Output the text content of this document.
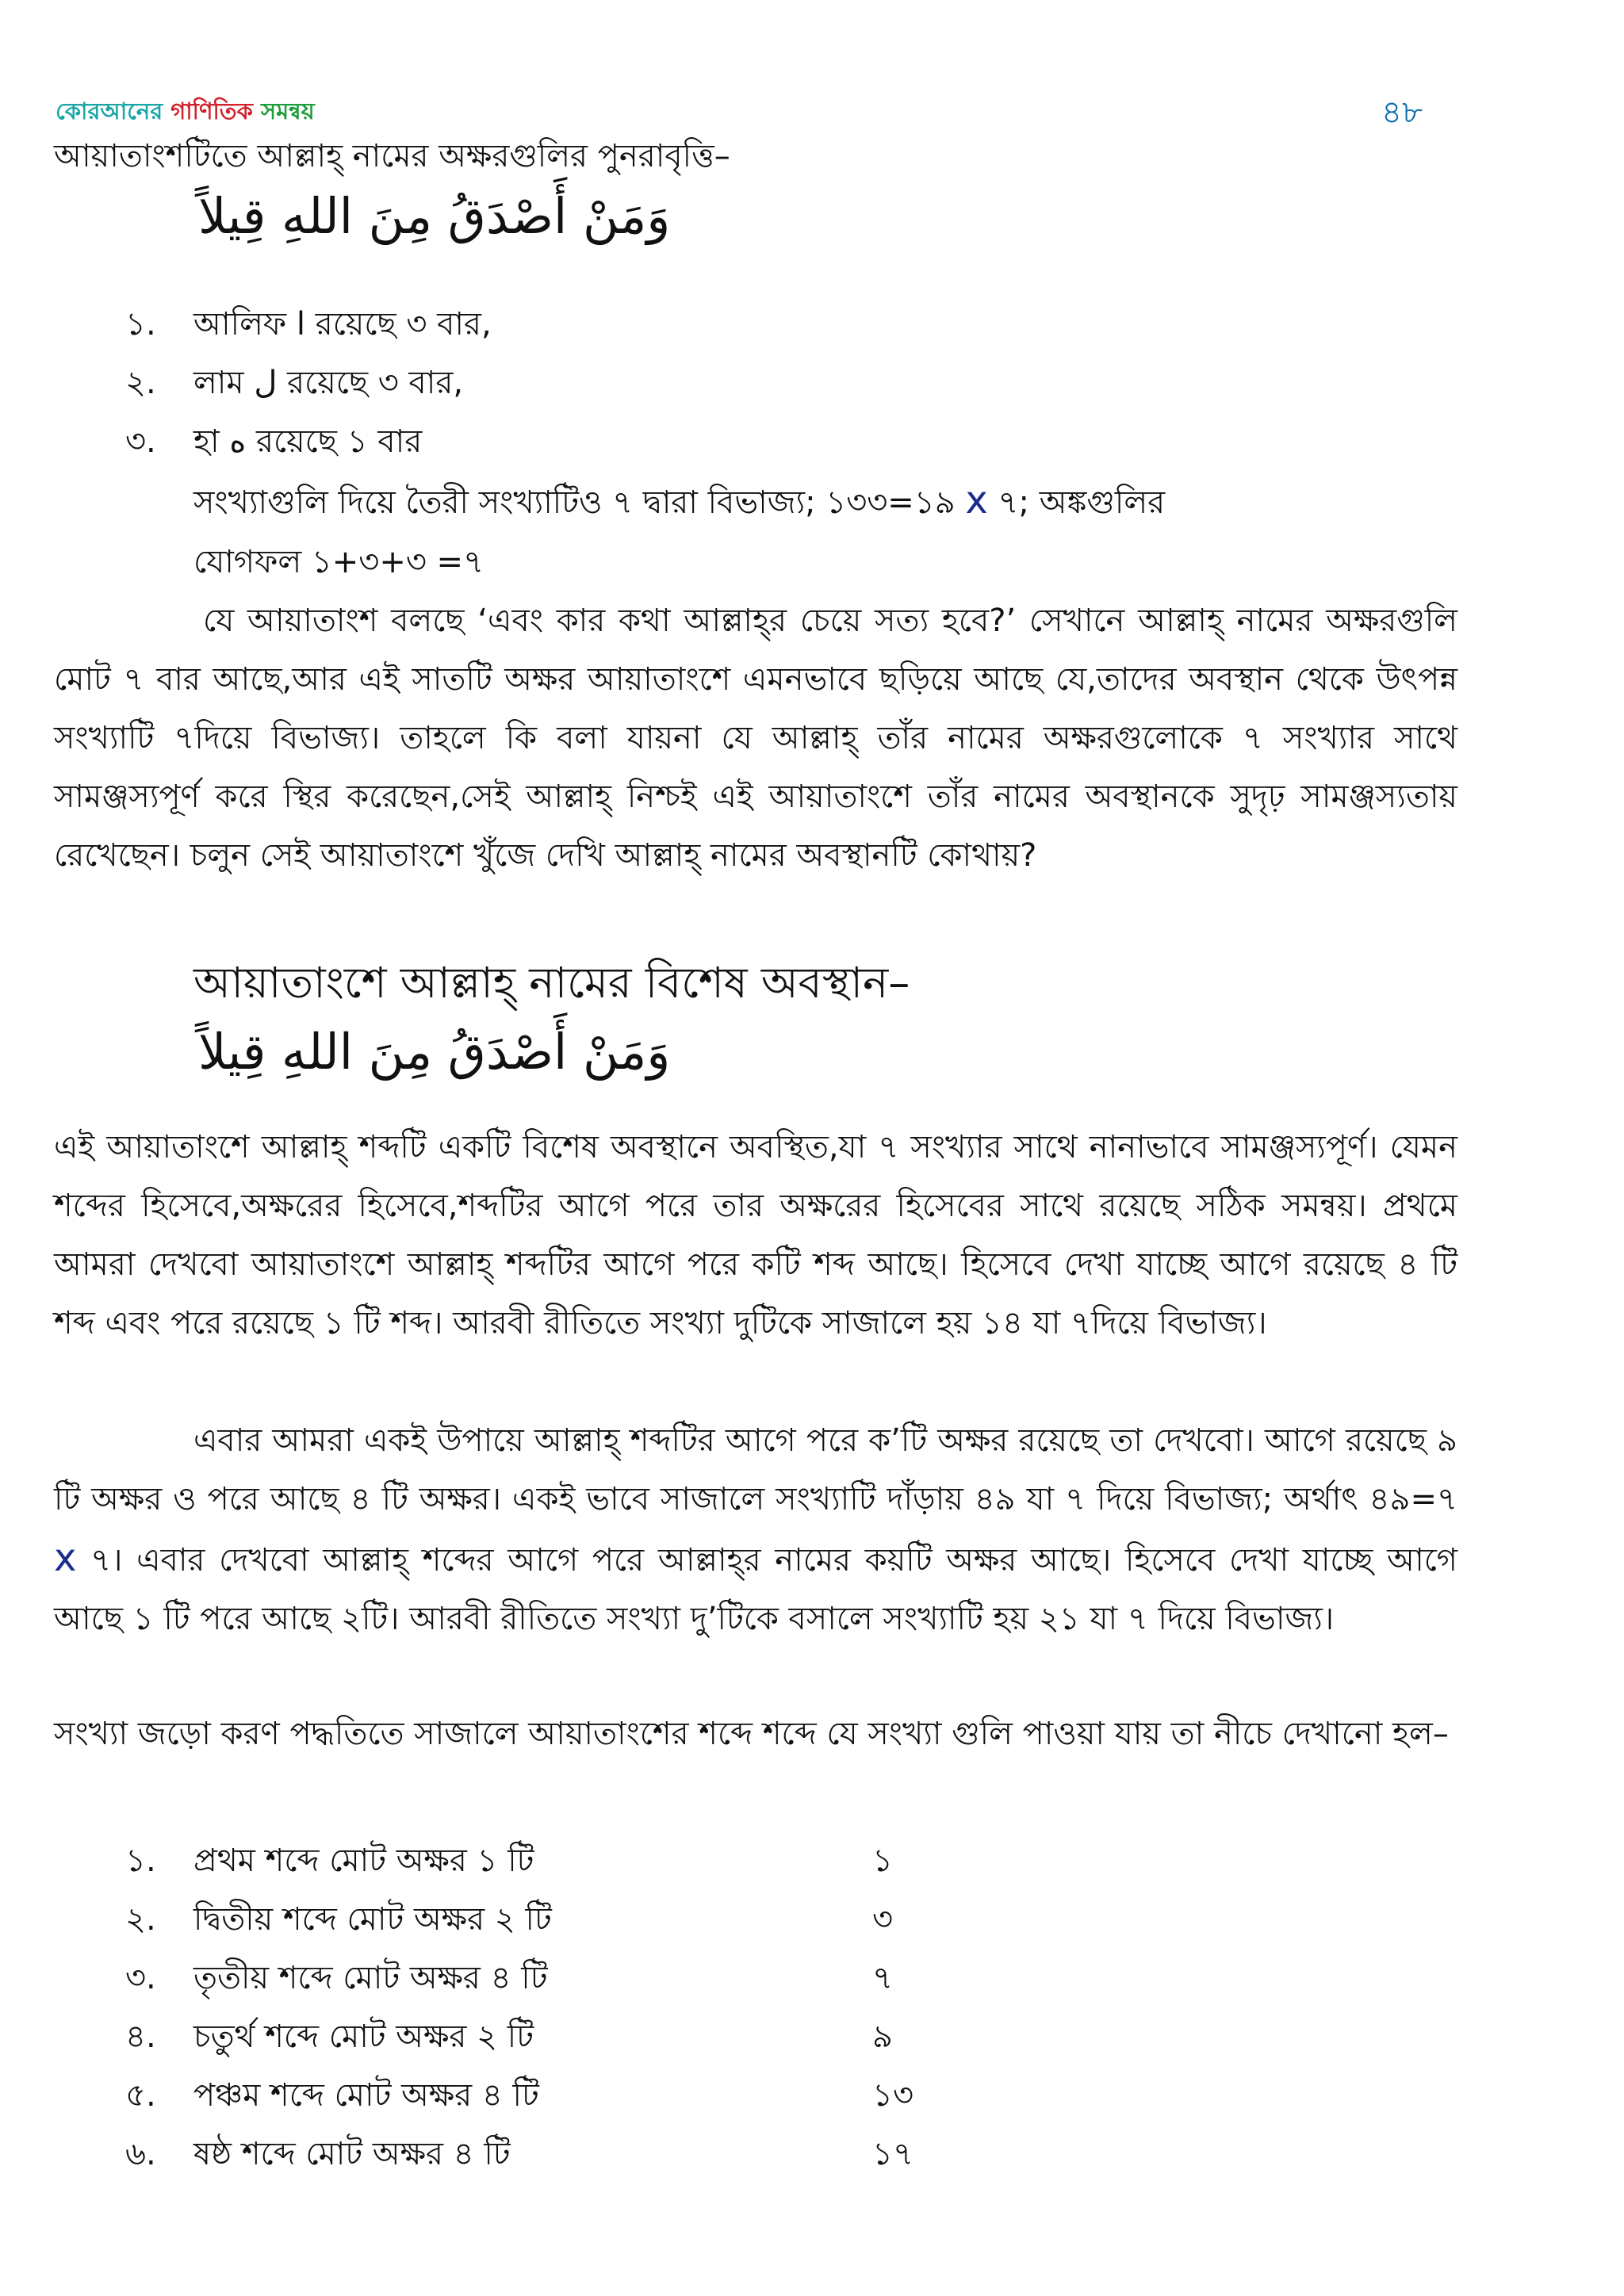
কোরআনের গাণিতিক সমন্বয়	৪৮
আয়াতাংশটিতে আল্লাহ্ নামের অক্ষরগুলির পুনরাবৃত্তি–
وَمَنْ أَصْدَقُ مِنَ اللهِ قِيلاً
১. আলিফ ا রয়েছে ৩ বার,
২. লাম ل রয়েছে ৩ বার,
৩. হা ه রয়েছে ১ বার
সংখ্যাগুলি দিয়ে তৈরী সংখ্যাটিও ৭ দ্বারা বিভাজ্য; ১৩৩=১৯ x ৭; অঙ্কগুলির
যোগফল ১+৩+৩ =৭
যে আয়াতাংশ বলছে ‘এবং কার কথা আল্লাহ্‌র চেয়ে সত্য হবে?’ সেখানে আল্লাহ্ নামের অক্ষরগুলি মোট ৭ বার আছে,আর এই সাতটি অক্ষর আয়াতাংশে এমনভাবে ছড়িয়ে আছে যে,তাদের অবস্থান থেকে উৎপন্ন সংখ্যাটি ৭দিয়ে বিভাজ্য। তাহলে কি বলা যায়না যে আল্লাহ্ তাঁর নামের অক্ষরগুলোকে ৭ সংখ্যার সাথে সামঞ্জস্যপূর্ণ করে স্থির করেছেন,সেই আল্লাহ্ নিশ্চই এই আয়াতাংশে তাঁর নামের অবস্থানকে সুদৃঢ় সামঞ্জস্যতায় রেখেছেন। চলুন সেই আয়াতাংশে খুঁজে দেখি আল্লাহ্ নামের অবস্থানটি কোথায়?
আয়াতাংশে আল্লাহ্ নামের বিশেষ অবস্থান–
وَمَنْ أَصْدَقُ مِنَ اللهِ قِيلاً
এই আয়াতাংশে আল্লাহ্ শব্দটি একটি বিশেষ অবস্থানে অবস্থিত,যা ৭ সংখ্যার সাথে নানাভাবে সামঞ্জস্যপূর্ণ। যেমন শব্দের হিসেবে,অক্ষরের হিসেবে,শব্দটির আগে পরে তার অক্ষরের হিসেবের সাথে রয়েছে সঠিক সমন্বয়। প্রথমে আমরা দেখবো আয়াতাংশে আল্লাহ্ শব্দটির আগে পরে কটি শব্দ আছে। হিসেবে দেখা যাচ্ছে আগে রয়েছে ৪ টি শব্দ এবং পরে রয়েছে ১ টি শব্দ। আরবী রীতিতে সংখ্যা দুটিকে সাজালে হয় ১৪ যা ৭দিয়ে বিভাজ্য।
এবার আমরা একই উপায়ে আল্লাহ্ শব্দটির আগে পরে ক’টি অক্ষর রয়েছে তা দেখবো। আগে রয়েছে ৯ টি অক্ষর ও পরে আছে ৪ টি অক্ষর। একই ভাবে সাজালে সংখ্যাটি দাঁড়ায় ৪৯ যা ৭ দিয়ে বিভাজ্য; অর্থাৎ ৪৯=৭ x ৭। এবার দেখবো আল্লাহ্ শব্দের আগে পরে আল্লাহ্‌র নামের কয়টি অক্ষর আছে। হিসেবে দেখা যাচ্ছে আগে আছে ১ টি পরে আছে ২টি। আরবী রীতিতে সংখ্যা দু’টিকে বসালে সংখ্যাটি হয় ২১ যা ৭ দিয়ে বিভাজ্য।
সংখ্যা জড়ো করণ পদ্ধতিতে সাজালে আয়াতাংশের শব্দে শব্দে যে সংখ্যা গুলি পাওয়া যায় তা নীচে দেখানো হল–
১. প্রথম শব্দে মোট অক্ষর ১ টি	১
২. দ্বিতীয় শব্দে মোট অক্ষর ২ টি	৩
৩. তৃতীয় শব্দে মোট অক্ষর ৪ টি	৭
৪. চতুর্থ শব্দে মোট অক্ষর ২ টি	৯
৫. পঞ্চম শব্দে মোট অক্ষর ৪ টি	১৩
৬. ষষ্ঠ শব্দে মোট অক্ষর ৪ টি	১৭
